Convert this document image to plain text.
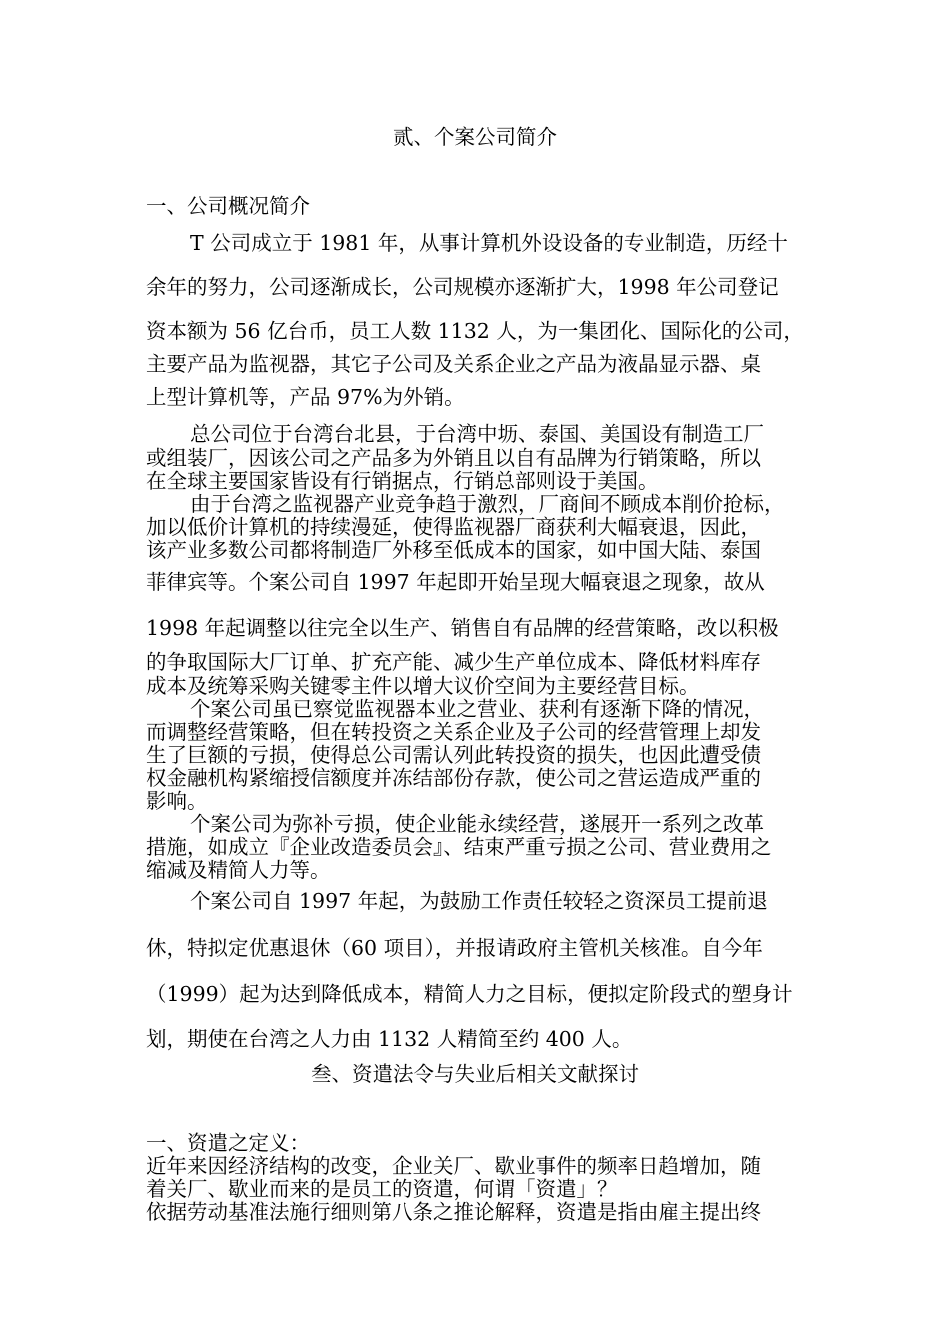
贰、个案公司简介
一、公司概况简介
T 公司成立于 1981 年，从事计算机外设设备的专业制造，历经十
余年的努力，公司逐渐成长，公司规模亦逐渐扩大，1998 年公司登记
资本额为 56 亿台币，员工人数 1132 人，为一集团化、国际化的公司，
主要产品为监视器，其它子公司及关系企业之产品为液晶显示器、桌
上型计算机等，产品 97%为外销。
总公司位于台湾台北县，于台湾中坜、泰国、美国设有制造工厂
或组装厂，因该公司之产品多为外销且以自有品牌为行销策略，所以
在全球主要国家皆设有行销据点，行销总部则设于美国。
由于台湾之监视器产业竞争趋于激烈，厂商间不顾成本削价抢标，
加以低价计算机的持续漫延，使得监视器厂商获利大幅衰退，因此，
该产业多数公司都将制造厂外移至低成本的国家，如中国大陆、泰国
菲律宾等。个案公司自 1997 年起即开始呈现大幅衰退之现象，故从
1998 年起调整以往完全以生产、销售自有品牌的经营策略，改以积极
的争取国际大厂订单、扩充产能、减少生产单位成本、降低材料库存
成本及统筹采购关键零主件以增大议价空间为主要经营目标。
个案公司虽已察觉监视器本业之营业、获利有逐渐下降的情况，
而调整经营策略，但在转投资之关系企业及子公司的经营管理上却发
生了巨额的亏损，使得总公司需认列此转投资的损失，也因此遭受债
权金融机构紧缩授信额度并冻结部份存款，使公司之营运造成严重的
影响。
个案公司为弥补亏损，使企业能永续经营，遂展开一系列之改革
措施，如成立『企业改造委员会』、结束严重亏损之公司、营业费用之
缩减及精简人力等。
个案公司自 1997 年起，为鼓励工作责任较轻之资深员工提前退
休，特拟定优惠退休（60 项目），并报请政府主管机关核准。自今年
（1999）起为达到降低成本，精简人力之目标，便拟定阶段式的塑身计
划，期使在台湾之人力由 1132 人精简至约 400 人。
叁、资遣法令与失业后相关文献探讨
一、资遣之定义：
近年来因经济结构的改变，企业关厂、歇业事件的频率日趋增加，随
着关厂、歇业而来的是员工的资遣，何谓「资遣」？
依据劳动基准法施行细则第八条之推论解释，资遣是指由雇主提出终
